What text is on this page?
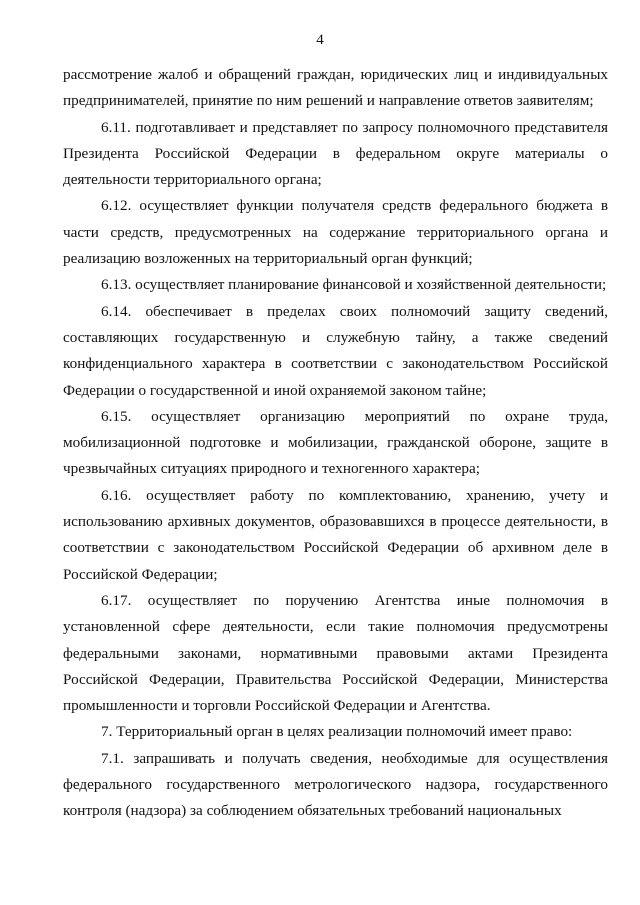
4

рассмотрение жалоб и обращений граждан, юридических лиц и индивидуальных предпринимателей, принятие по ним решений и направление ответов заявителям;

6.11. подготавливает и представляет по запросу полномочного представителя Президента Российской Федерации в федеральном округе материалы о деятельности территориального органа;

6.12. осуществляет функции получателя средств федерального бюджета в части средств, предусмотренных на содержание территориального органа и реализацию возложенных на территориальный орган функций;

6.13. осуществляет планирование финансовой и хозяйственной деятельности;

6.14. обеспечивает в пределах своих полномочий защиту сведений, составляющих государственную и служебную тайну, а также сведений конфиденциального характера в соответствии с законодательством Российской Федерации о государственной и иной охраняемой законом тайне;

6.15. осуществляет организацию мероприятий по охране труда, мобилизационной подготовке и мобилизации, гражданской обороне, защите в чрезвычайных ситуациях природного и техногенного характера;

6.16. осуществляет работу по комплектованию, хранению, учету и использованию архивных документов, образовавшихся в процессе деятельности, в соответствии с законодательством Российской Федерации об архивном деле в Российской Федерации;

6.17. осуществляет по поручению Агентства иные полномочия в установленной сфере деятельности, если такие полномочия предусмотрены федеральными законами, нормативными правовыми актами Президента Российской Федерации, Правительства Российской Федерации, Министерства промышленности и торговли Российской Федерации и Агентства.

7. Территориальный орган в целях реализации полномочий имеет право:

7.1. запрашивать и получать сведения, необходимые для осуществления федерального государственного метрологического надзора, государственного контроля (надзора) за соблюдением обязательных требований национальных
